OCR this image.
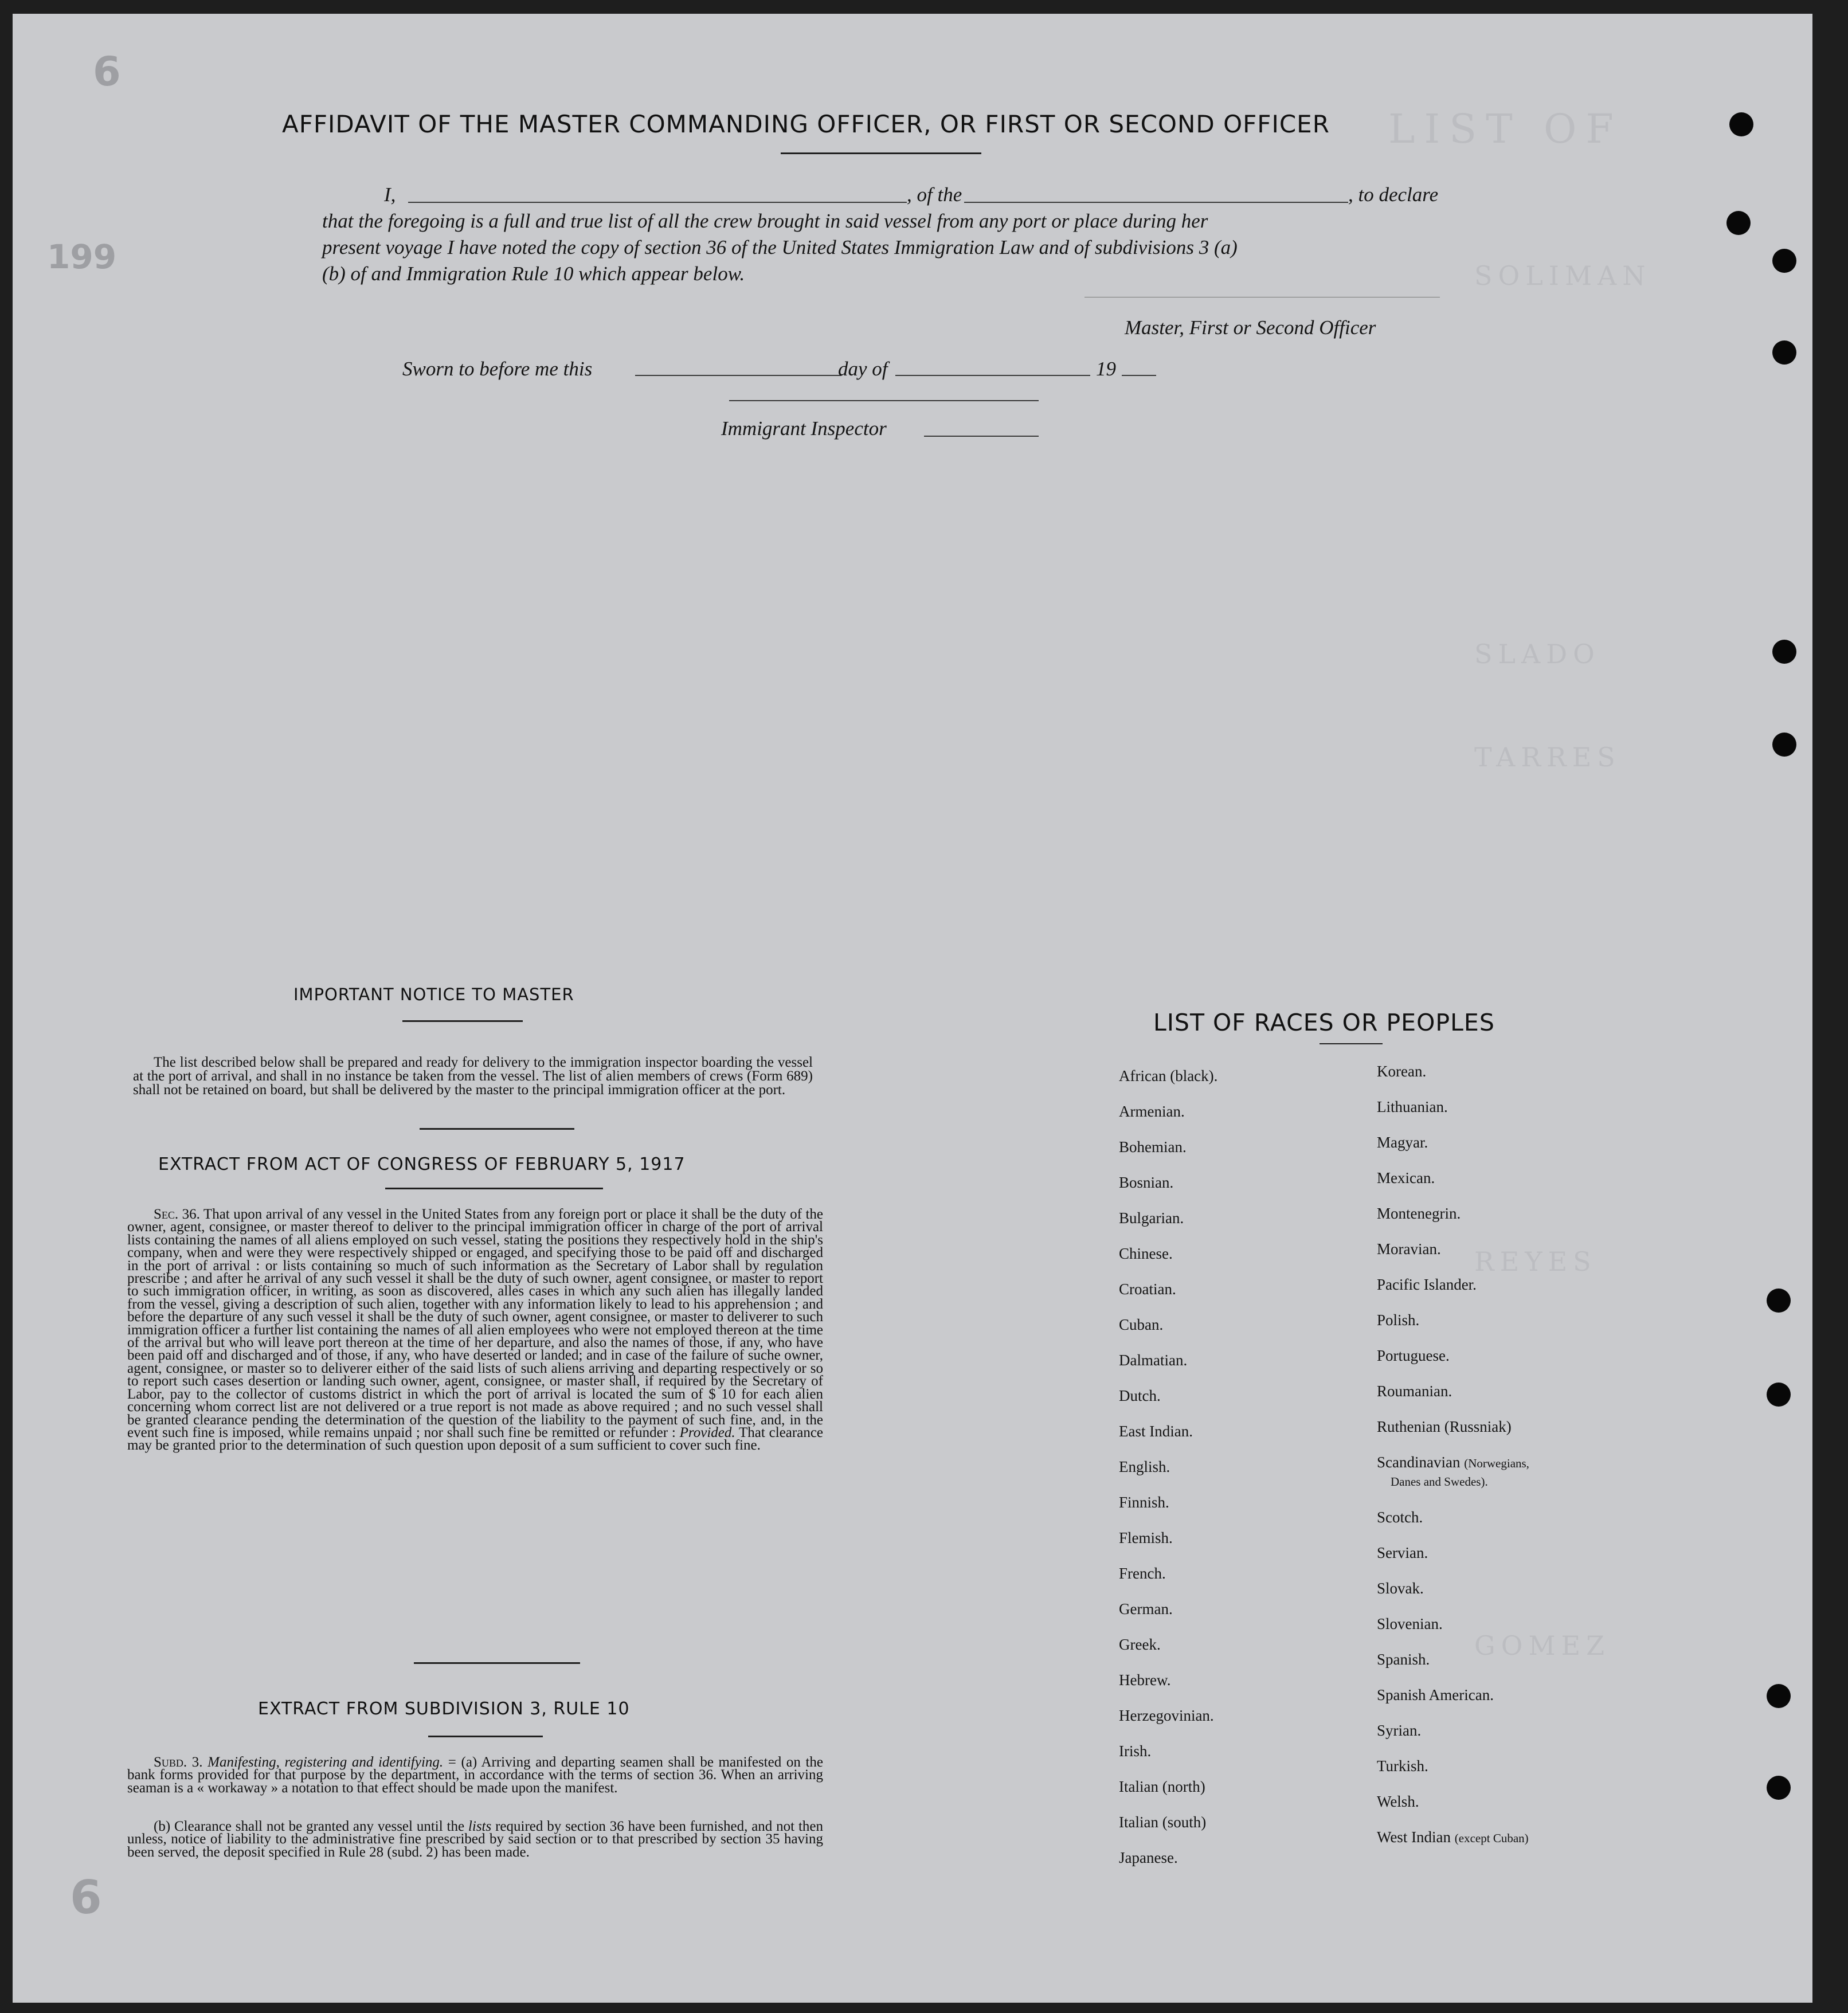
LIST OF
SOLIMAN
SLADO
TARRES
REYES
GOMEZ
199
6
6
AFFIDAVIT OF THE MASTER COMMANDING OFFICER, OR FIRST OR SECOND OFFICER
I,	, of the	, to declare
that the foregoing is a full and true list of all the crew brought in said vessel from any port or place during her
present voyage I have noted the copy of section 36 of the United States Immigration Law and of subdivisions 3 (a)
(b) of and Immigration Rule 10 which appear below.
Master, First or Second Officer
Sworn to before me this	day of	19
Immigrant Inspector
IMPORTANT NOTICE TO MASTER
The list described below shall be prepared and ready for delivery to the immigration inspector boarding the vessel at the port of arrival, and shall in no instance be taken from the vessel. The list of alien members of crews (Form 689) shall not be retained on board, but shall be delivered by the master to the principal immigration officer at the port.
EXTRACT FROM ACT OF CONGRESS OF FEBRUARY 5, 1917
Sec. 36. That upon arrival of any vessel in the United States from any foreign port or place it shall be the duty of the owner, agent, consignee, or master thereof to deliver to the principal immigration officer in charge of the port of arrival lists containing the names of all aliens employed on such vessel, stating the positions they respectively hold in the ship's company, when and were they were respectively shipped or engaged, and specifying those to be paid off and discharged in the port of arrival : or lists containing so much of such information as the Secretary of Labor shall by regulation prescribe ; and after he arrival of any such vessel it shall be the duty of such owner, agent consignee, or master to report to such immigration officer, in writing, as soon as discovered, alles cases in which any such alien has illegally landed from the vessel, giving a description of such alien, together with any information likely to lead to his apprehension ; and before the departure of any such vessel it shall be the duty of such owner, agent consignee, or master to deliverer to such immigration officer a further list containing the names of all alien employees who were not employed thereon at the time of the arrival but who will leave port thereon at the time of her departure, and also the names of those, if any, who have been paid off and discharged and of those, if any, who have deserted or landed; and in case of the failure of suche owner, agent, consignee, or master so to deliverer either of the said lists of such aliens arriving and departing respectively or so to report such cases desertion or landing such owner, agent, consignee, or master shall, if required by the Secretary of Labor, pay to the collector of customs district in which the port of arrival is located the sum of $ 10 for each alien concerning whom correct list are not delivered or a true report is not made as above required ; and no such vessel shall be granted clearance pending the determination of the question of the liability to the payment of such fine, and, in the event such fine is imposed, while remains unpaid ; nor shall such fine be remitted or refunder : Provided. That clearance may be granted prior to the determination of such question upon deposit of a sum sufficient to cover such fine.
EXTRACT FROM SUBDIVISION 3, RULE 10
Subd. 3. Manifesting, registering and identifying. = (a) Arriving and departing seamen shall be manifested on the bank forms provided for that purpose by the department, in accordance with the terms of section 36. When an arriving seaman is a « workaway » a notation to that effect should be made upon the manifest.
(b) Clearance shall not be granted any vessel until the lists required by section 36 have been furnished, and not then unless, notice of liability to the administrative fine prescribed by said section or to that prescribed by section 35 having been served, the deposit specified in Rule 28 (subd. 2) has been made.
LIST OF RACES OR PEOPLES
African (black).
Armenian.
Bohemian.
Bosnian.
Bulgarian.
Chinese.
Croatian.
Cuban.
Dalmatian.
Dutch.
East Indian.
English.
Finnish.
Flemish.
French.
German.
Greek.
Hebrew.
Herzegovinian.
Irish.
Italian (north)
Italian (south)
Japanese.
Korean.
Lithuanian.
Magyar.
Mexican.
Montenegrin.
Moravian.
Pacific Islander.
Polish.
Portuguese.
Roumanian.
Ruthenian (Russniak)
Scandinavian (Norwegians,
Danes and Swedes).
Scotch.
Servian.
Slovak.
Slovenian.
Spanish.
Spanish American.
Syrian.
Turkish.
Welsh.
West Indian (except Cuban)
